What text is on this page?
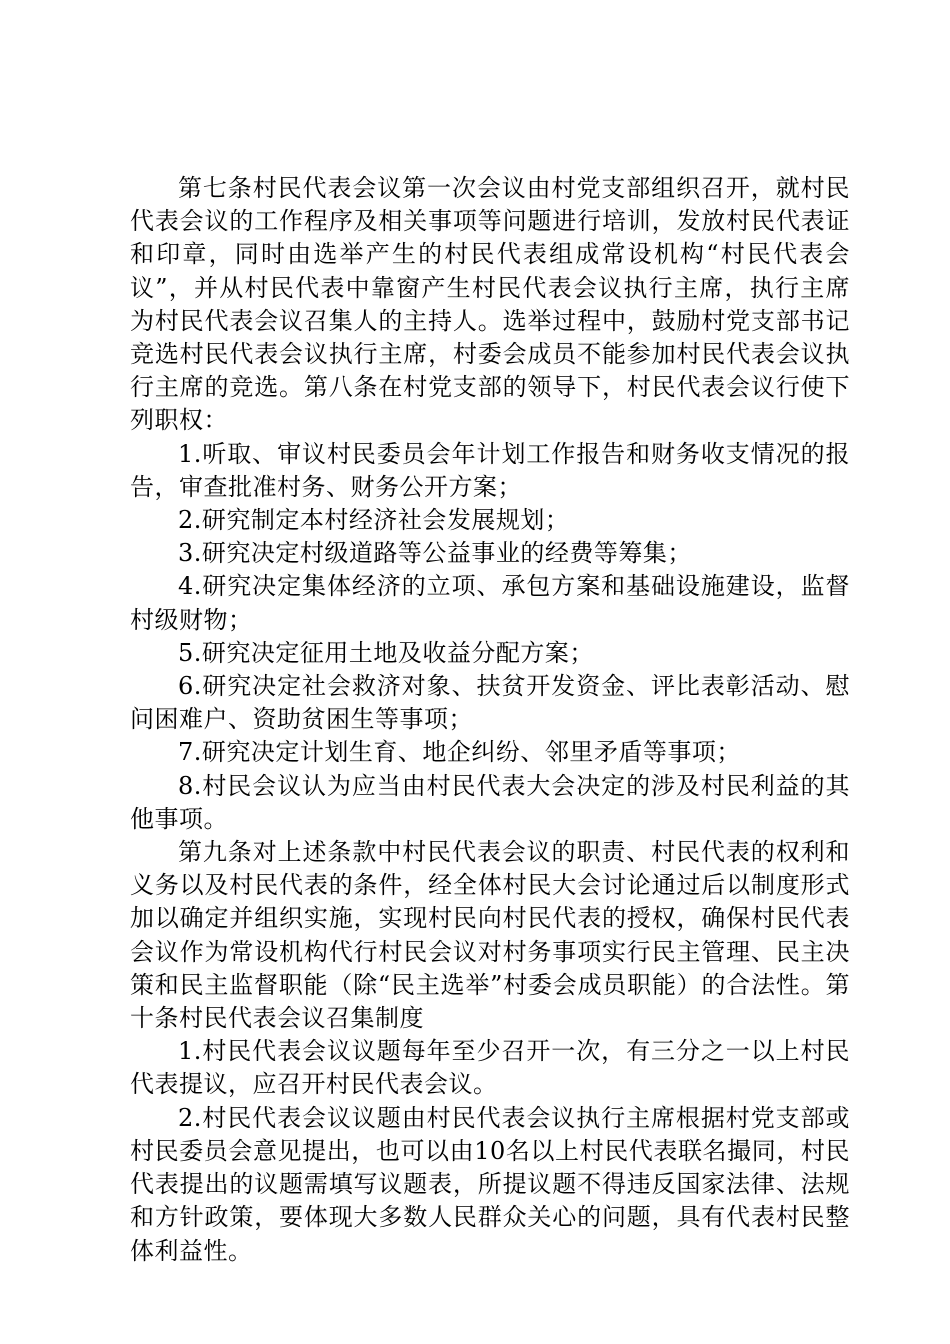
第七条村民代表会议第一次会议由村党支部组织召开，就村民代表会议的工作程序及相关事项等问题进行培训，发放村民代表证和印章，同时由选举产生的村民代表组成常设机构“村民代表会议”，并从村民代表中靠窗产生村民代表会议执行主席，执行主席为村民代表会议召集人的主持人。选举过程中，鼓励村党支部书记竞选村民代表会议执行主席，村委会成员不能参加村民代表会议执行主席的竞选。第八条在村党支部的领导下，村民代表会议行使下列职权：

1.听取、审议村民委员会年计划工作报告和财务收支情况的报告，审查批准村务、财务公开方案；

2.研究制定本村经济社会发展规划；

3.研究决定村级道路等公益事业的经费等筹集；

4.研究决定集体经济的立项、承包方案和基础设施建设，监督村级财物；

5.研究决定征用土地及收益分配方案；

6.研究决定社会救济对象、扶贫开发资金、评比表彰活动、慰问困难户、资助贫困生等事项；

7.研究决定计划生育、地企纠纷、邻里矛盾等事项；

8.村民会议认为应当由村民代表大会决定的涉及村民利益的其他事项。

第九条对上述条款中村民代表会议的职责、村民代表的权利和义务以及村民代表的条件，经全体村民大会讨论通过后以制度形式加以确定并组织实施，实现村民向村民代表的授权，确保村民代表会议作为常设机构代行村民会议对村务事项实行民主管理、民主决策和民主监督职能（除“民主选举”村委会成员职能）的合法性。第十条村民代表会议召集制度

1.村民代表会议议题每年至少召开一次，有三分之一以上村民代表提议，应召开村民代表会议。

2.村民代表会议议题由村民代表会议执行主席根据村党支部或村民委员会意见提出，也可以由10名以上村民代表联名撮同，村民代表提出的议题需填写议题表，所提议题不得违反国家法律、法规和方针政策，要体现大多数人民群众关心的问题，具有代表村民整体利益性。
